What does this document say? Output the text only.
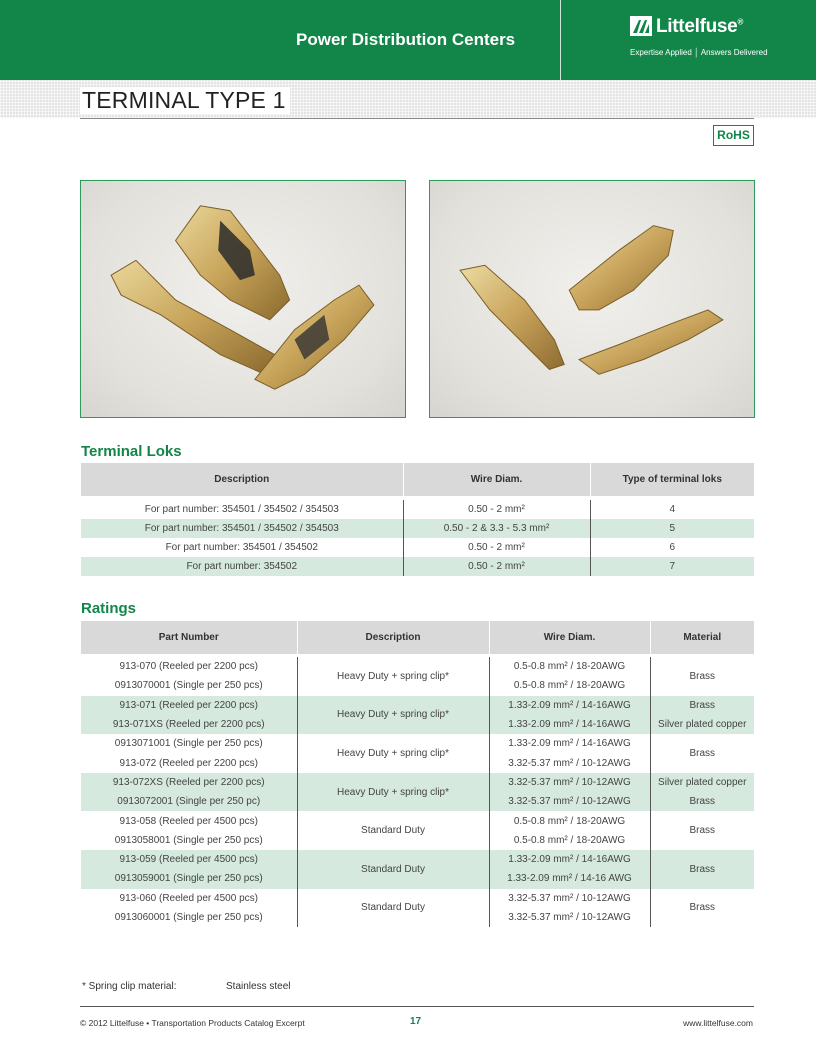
Power Distribution Centers
Littelfuse®
Expertise Applied │ Answers Delivered
TERMINAL TYPE 1
RoHS
Terminal Loks
Description	Wire Diam.	Type of terminal loks

For part number: 354501 / 354502 / 354503	0.50 - 2 mm²	4
For part number: 354501 / 354502 / 354503	0.50 - 2 & 3.3 - 5.3 mm²	5
For part number: 354501 / 354502	0.50 - 2 mm²	6
For part number: 354502	0.50 - 2 mm²	7
Ratings
Part Number	Description	Wire Diam.	Material

913-070 (Reeled per 2200 pcs)	Heavy Duty + spring clip*	0.5-0.8 mm² / 18-20AWG	Brass
0913070001 (Single per 250 pcs)		0.5-0.8 mm² / 18-20AWG	
913-071 (Reeled per 2200 pcs)	Heavy Duty + spring clip*	1.33-2.09 mm² / 14-16AWG	Brass
913-071XS (Reeled per 2200 pcs)		1.33-2.09 mm² / 14-16AWG	Silver plated copper
0913071001 (Single per 250 pcs)	Heavy Duty + spring clip*	1.33-2.09 mm² / 14-16AWG	Brass
913-072 (Reeled per 2200 pcs)		3.32-5.37 mm² / 10-12AWG	
913-072XS (Reeled per 2200 pcs)	Heavy Duty + spring clip*	3.32-5.37 mm² / 10-12AWG	Silver plated copper
0913072001 (Single per 250 pc)		3.32-5.37 mm² / 10-12AWG	Brass
913-058 (Reeled per 4500 pcs)	Standard Duty	0.5-0.8 mm² / 18-20AWG	Brass
0913058001 (Single per 250 pcs)		0.5-0.8 mm² / 18-20AWG	
913-059 (Reeled per 4500 pcs)	Standard Duty	1.33-2.09 mm² / 14-16AWG	Brass
0913059001 (Single per 250 pcs)		1.33-2.09 mm² / 14-16 AWG	
913-060 (Reeled per 4500 pcs)	Standard Duty	3.32-5.37 mm² / 10-12AWG	Brass
0913060001 (Single per 250 pcs)		3.32-5.37 mm² / 10-12AWG	
* Spring clip material:	Stainless steel
© 2012 Littelfuse • Transportation Products Catalog Excerpt	17	www.littelfuse.com
